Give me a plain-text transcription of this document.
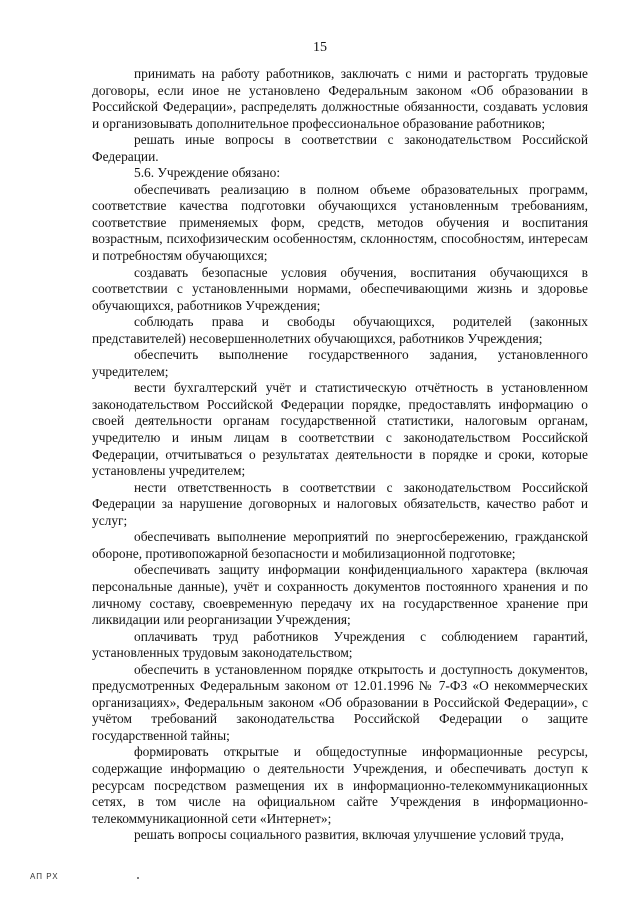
15

принимать на работу работников, заключать с ними и расторгать трудовые договоры, если иное не установлено Федеральным законом «Об образовании в Российской Федерации», распределять должностные обязанности, создавать условия и организовывать дополнительное профессиональное образование работников;

решать иные вопросы в соответствии с законодательством Российской Федерации.

5.6. Учреждение обязано:

обеспечивать реализацию в полном объеме образовательных программ, соответствие качества подготовки обучающихся установленным требованиям, соответствие применяемых форм, средств, методов обучения и воспитания возрастным, психофизическим особенностям, склонностям, способностям, интересам и потребностям обучающихся;

создавать безопасные условия обучения, воспитания обучающихся в соответствии с установленными нормами, обеспечивающими жизнь и здоровье обучающихся, работников Учреждения;

соблюдать права и свободы обучающихся, родителей (законных представителей) несовершеннолетних обучающихся, работников Учреждения;

обеспечить выполнение государственного задания, установленного учредителем;

вести бухгалтерский учёт и статистическую отчётность в установленном законодательством Российской Федерации порядке, предоставлять информацию о своей деятельности органам государственной статистики, налоговым органам, учредителю и иным лицам в соответствии с законодательством Российской Федерации, отчитываться о результатах деятельности в порядке и сроки, которые установлены учредителем;

нести ответственность в соответствии с законодательством Российской Федерации за нарушение договорных и налоговых обязательств, качество работ и услуг;

обеспечивать выполнение мероприятий по энергосбережению, гражданской обороне, противопожарной безопасности и мобилизационной подготовке;

обеспечивать защиту информации конфиденциального характера (включая персональные данные), учёт и сохранность документов постоянного хранения и по личному составу, своевременную передачу их на государственное хранение при ликвидации или реорганизации Учреждения;

оплачивать труд работников Учреждения с соблюдением гарантий, установленных трудовым законодательством;

обеспечить в установленном порядке открытость и доступность документов, предусмотренных Федеральным законом от 12.01.1996 № 7-ФЗ «О некоммерческих организациях», Федеральным законом «Об образовании в Российской Федерации», с учётом требований законодательства Российской Федерации о защите государственной тайны;

формировать открытые и общедоступные информационные ресурсы, содержащие информацию о деятельности Учреждения, и обеспечивать доступ к ресурсам посредством размещения их в информационно-телекоммуникационных сетях, в том числе на официальном сайте Учреждения в информационно-телекоммуникационной сети «Интернет»;

решать вопросы социального развития, включая улучшение условий труда,

АП РХ
